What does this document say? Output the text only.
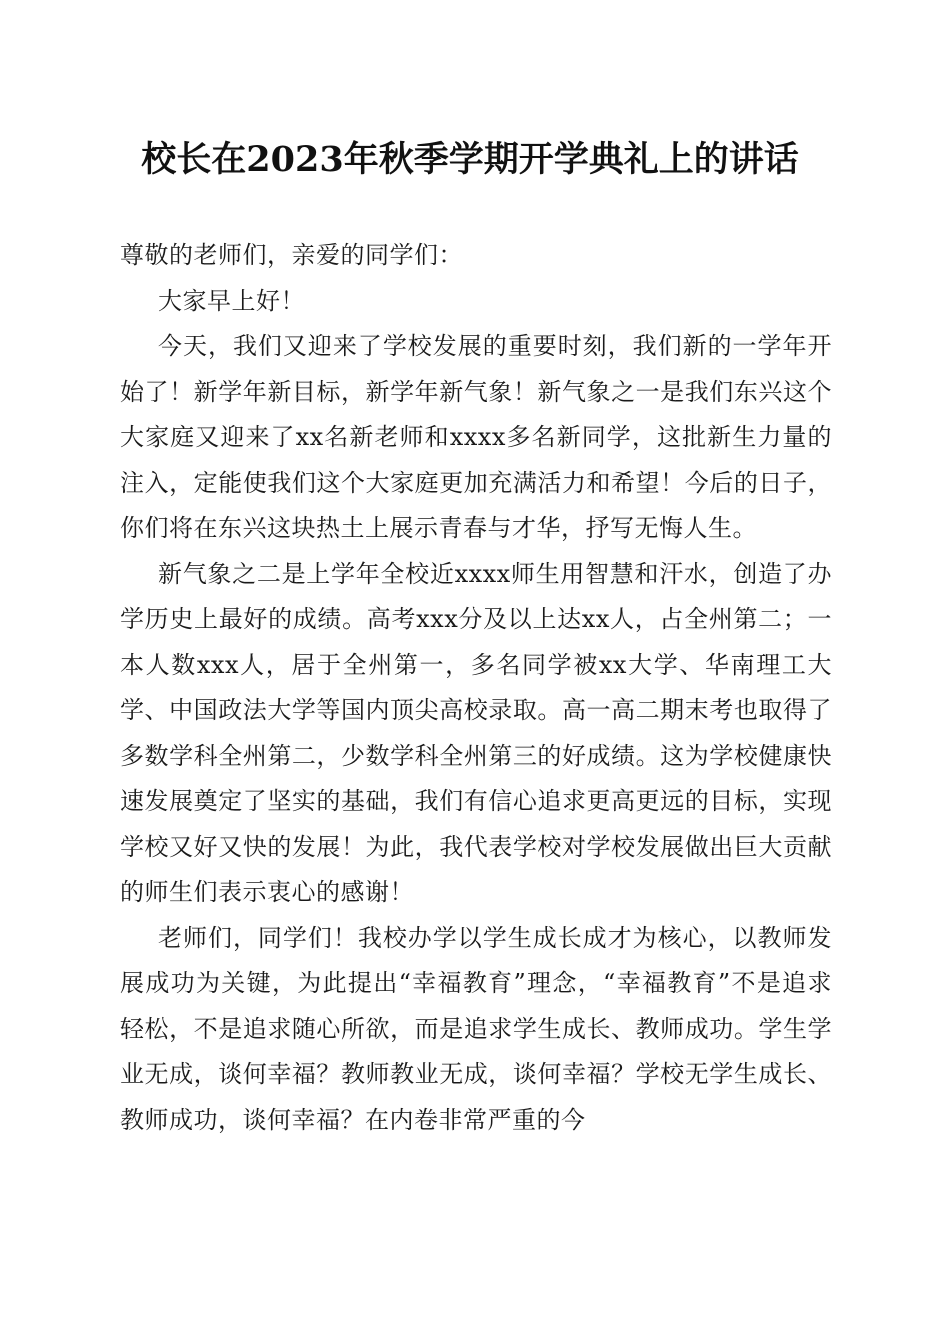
校长在2023年秋季学期开学典礼上的讲话

尊敬的老师们，亲爱的同学们：

大家早上好！

今天，我们又迎来了学校发展的重要时刻，我们新的一学年开始了！新学年新目标，新学年新气象！新气象之一是我们东兴这个大家庭又迎来了xx名新老师和xxxx多名新同学，这批新生力量的注入，定能使我们这个大家庭更加充满活力和希望！今后的日子，你们将在东兴这块热土上展示青春与才华，抒写无悔人生。

新气象之二是上学年全校近xxxx师生用智慧和汗水，创造了办学历史上最好的成绩。高考xxx分及以上达xx人，占全州第二；一本人数xxx人，居于全州第一，多名同学被xx大学、华南理工大学、中国政法大学等国内顶尖高校录取。高一高二期末考也取得了多数学科全州第二，少数学科全州第三的好成绩。这为学校健康快速发展奠定了坚实的基础，我们有信心追求更高更远的目标，实现学校又好又快的发展！为此，我代表学校对学校发展做出巨大贡献的师生们表示衷心的感谢！

老师们，同学们！我校办学以学生成长成才为核心，以教师发展成功为关键，为此提出“幸福教育”理念，“幸福教育”不是追求轻松，不是追求随心所欲，而是追求学生成长、教师成功。学生学业无成，谈何幸福？教师教业无成，谈何幸福？学校无学生成长、教师成功，谈何幸福？在内卷非常严重的今
